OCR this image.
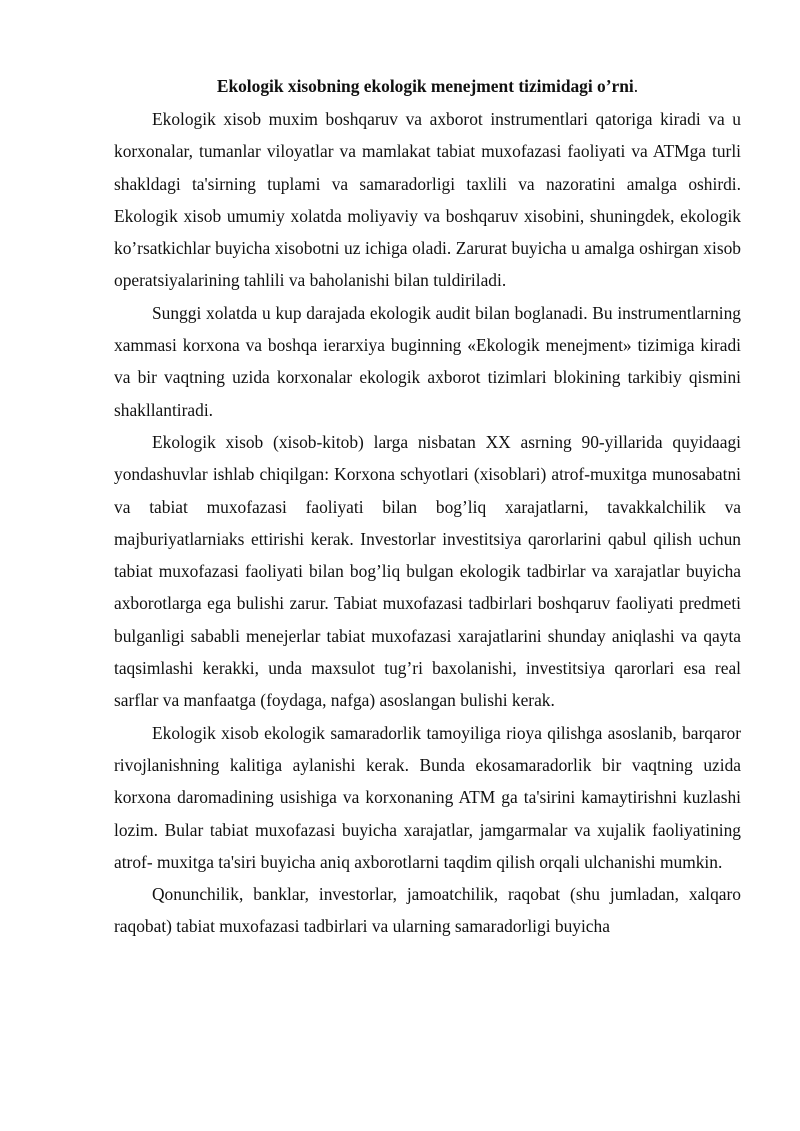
Ekologik xisobning ekologik menejment tizimidagi o’rni.

Ekologik xisob muxim boshqaruv va axborot instrumentlari qatoriga kiradi va u korxonalar, tumanlar viloyatlar va mamlakat tabiat muxofazasi faoliyati va ATMga turli shakldagi ta'sirning tuplami va samaradorligi taxlili va nazoratini amalga oshirdi. Ekologik xisob umumiy xolatda moliyaviy va boshqaruv xisobini, shuningdek, ekologik ko’rsatkichlar buyicha xisobotni uz ichiga oladi. Zarurat buyicha u amalga oshirgan xisob operatsiyalarining tahlili va baholanishi bilan tuldiriladi.

Sunggi xolatda u kup darajada ekologik audit bilan boglanadi. Bu instrumentlarning xammasi korxona va boshqa ierarxiya buginning «Ekologik menejment» tizimiga kiradi va bir vaqtning uzida korxonalar ekologik axborot tizimlari blokining tarkibiy qismini shakllantiradi.

Ekologik xisob (xisob-kitob) larga nisbatan XX asrning 90-yillarida quyidaagi yondashuvlar ishlab chiqilgan: Korxona schyotlari (xisoblari) atrof-muxitga munosabatni va tabiat muxofazasi faoliyati bilan bog’liq xarajatlarni, tavakkalchilik va majburiyatlarniaks ettirishi kerak. Investorlar investitsiya qarorlarini qabul qilish uchun tabiat muxofazasi faoliyati bilan bog’liq bulgan ekologik tadbirlar va xarajatlar buyicha axborotlarga ega bulishi zarur. Tabiat muxofazasi tadbirlari boshqaruv faoliyati predmeti bulganligi sababli menejerlar tabiat muxofazasi xarajatlarini shunday aniqlashi va qayta taqsimlashi kerakki, unda maxsulot tug’ri baxolanishi, investitsiya qarorlari esa real sarflar va manfaatga (foydaga, nafga) asoslangan bulishi kerak.

Ekologik xisob ekologik samaradorlik tamoyiliga rioya qilishga asoslanib, barqaror rivojlanishning kalitiga aylanishi kerak. Bunda ekosamaradorlik bir vaqtning uzida korxona daromadining usishiga va korxonaning ATM ga ta'sirini kamaytirishni kuzlashi lozim. Bular tabiat muxofazasi buyicha xarajatlar, jamgarmalar va xujalik faoliyatining atrof- muxitga ta'siri buyicha aniq axborotlarni taqdim qilish orqali ulchanishi mumkin.

Qonunchilik, banklar, investorlar, jamoatchilik, raqobat (shu jumladan, xalqaro raqobat) tabiat muxofazasi tadbirlari va ularning samaradorligi buyicha
